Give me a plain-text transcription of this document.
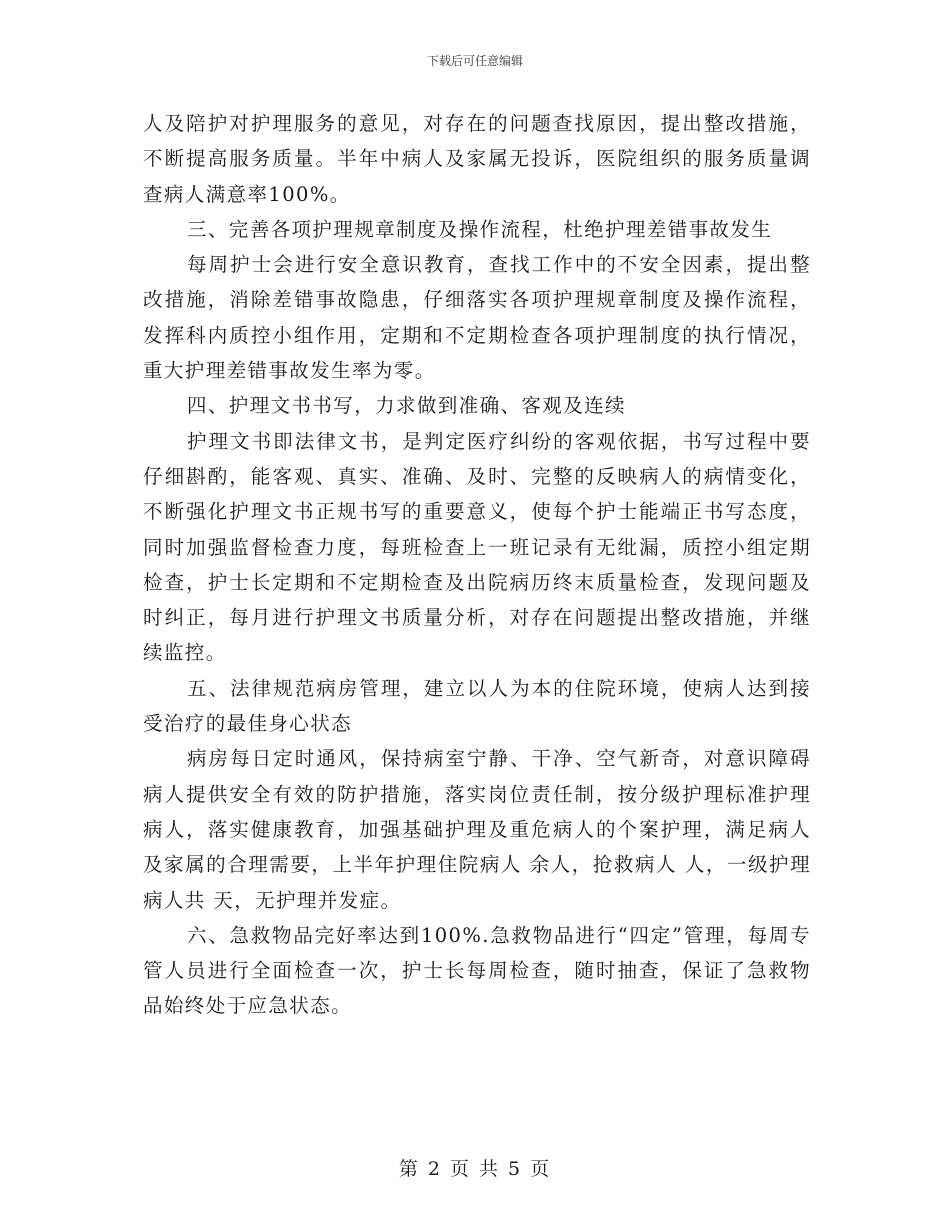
下载后可任意编辑

人及陪护对护理服务的意见，对存在的问题查找原因，提出整改措施，不断提高服务质量。半年中病人及家属无投诉，医院组织的服务质量调查病人满意率100%。

三、完善各项护理规章制度及操作流程，杜绝护理差错事故发生

每周护士会进行安全意识教育，查找工作中的不安全因素，提出整改措施，消除差错事故隐患，仔细落实各项护理规章制度及操作流程，发挥科内质控小组作用，定期和不定期检查各项护理制度的执行情况，重大护理差错事故发生率为零。

四、护理文书书写，力求做到准确、客观及连续

护理文书即法律文书，是判定医疗纠纷的客观依据，书写过程中要仔细斟酌，能客观、真实、准确、及时、完整的反映病人的病情变化，不断强化护理文书正规书写的重要意义，使每个护士能端正书写态度，同时加强监督检查力度，每班检查上一班记录有无纰漏，质控小组定期检查，护士长定期和不定期检查及出院病历终末质量检查，发现问题及时纠正，每月进行护理文书质量分析，对存在问题提出整改措施，并继续监控。

五、法律规范病房管理，建立以人为本的住院环境，使病人达到接受治疗的最佳身心状态

病房每日定时通风，保持病室宁静、干净、空气新奇，对意识障碍病人提供安全有效的防护措施，落实岗位责任制，按分级护理标准护理病人，落实健康教育，加强基础护理及重危病人的个案护理，满足病人及家属的合理需要，上半年护理住院病人 余人，抢救病人 人，一级护理病人共 天，无护理并发症。

六、急救物品完好率达到100%.急救物品进行“四定”管理，每周专管人员进行全面检查一次，护士长每周检查，随时抽查，保证了急救物品始终处于应急状态。

第 2 页 共 5 页
